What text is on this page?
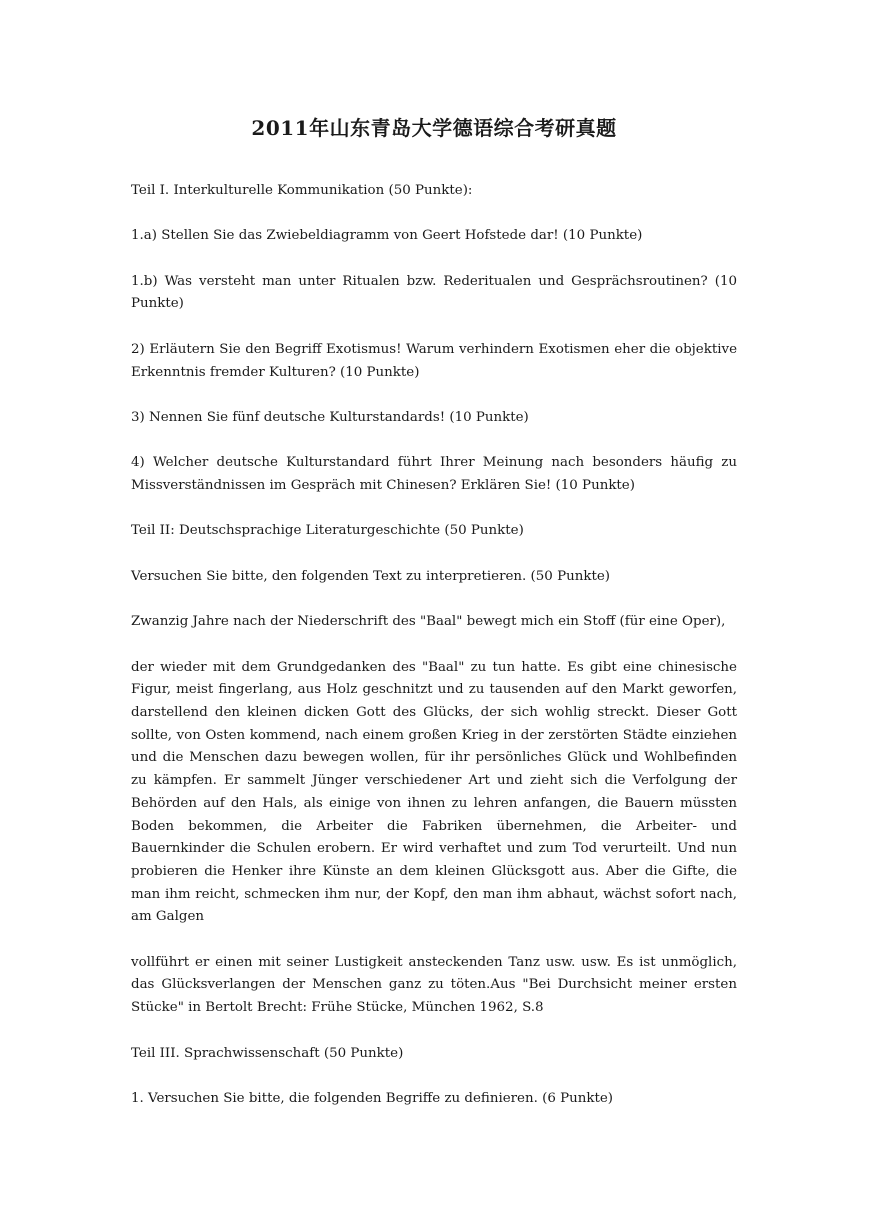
2011年山东青岛大学德语综合考研真题

Teil I. Interkulturelle Kommunikation (50 Punkte):

1.a) Stellen Sie das Zwiebeldiagramm von Geert Hofstede dar! (10 Punkte)

1.b) Was versteht man unter Ritualen bzw. Rederitualen und Gesprächsroutinen? (10 Punkte)

2) Erläutern Sie den Begriff Exotismus! Warum verhindern Exotismen eher die objektive Erkenntnis fremder Kulturen? (10 Punkte)

3) Nennen Sie fünf deutsche Kulturstandards! (10 Punkte)

4) Welcher deutsche Kulturstandard führt Ihrer Meinung nach besonders häufig zu Missverständnissen im Gespräch mit Chinesen? Erklären Sie! (10 Punkte)

Teil II: Deutschsprachige Literaturgeschichte (50 Punkte)

Versuchen Sie bitte, den folgenden Text zu interpretieren. (50 Punkte)

Zwanzig Jahre nach der Niederschrift des "Baal" bewegt mich ein Stoff (für eine Oper),

der wieder mit dem Grundgedanken des "Baal" zu tun hatte. Es gibt eine chinesische Figur, meist fingerlang, aus Holz geschnitzt und zu tausenden auf den Markt geworfen, darstellend den kleinen dicken Gott des Glücks, der sich wohlig streckt. Dieser Gott sollte, von Osten kommend, nach einem großen Krieg in der zerstörten Städte einziehen und die Menschen dazu bewegen wollen, für ihr persönliches Glück und Wohlbefinden zu kämpfen. Er sammelt Jünger verschiedener Art und zieht sich die Verfolgung der Behörden auf den Hals, als einige von ihnen zu lehren anfangen, die Bauern müssten Boden bekommen, die Arbeiter die Fabriken übernehmen, die Arbeiter- und Bauernkinder die Schulen erobern. Er wird verhaftet und zum Tod verurteilt. Und nun probieren die Henker ihre Künste an dem kleinen Glücksgott aus. Aber die Gifte, die man ihm reicht, schmecken ihm nur, der Kopf, den man ihm abhaut, wächst sofort nach, am Galgen

vollführt er einen mit seiner Lustigkeit ansteckenden Tanz usw. usw. Es ist unmöglich, das Glücksverlangen der Menschen ganz zu töten.Aus "Bei Durchsicht meiner ersten Stücke" in Bertolt Brecht: Frühe Stücke, München 1962, S.8

Teil III. Sprachwissenschaft (50 Punkte)

1. Versuchen Sie bitte, die folgenden Begriffe zu definieren. (6 Punkte)
